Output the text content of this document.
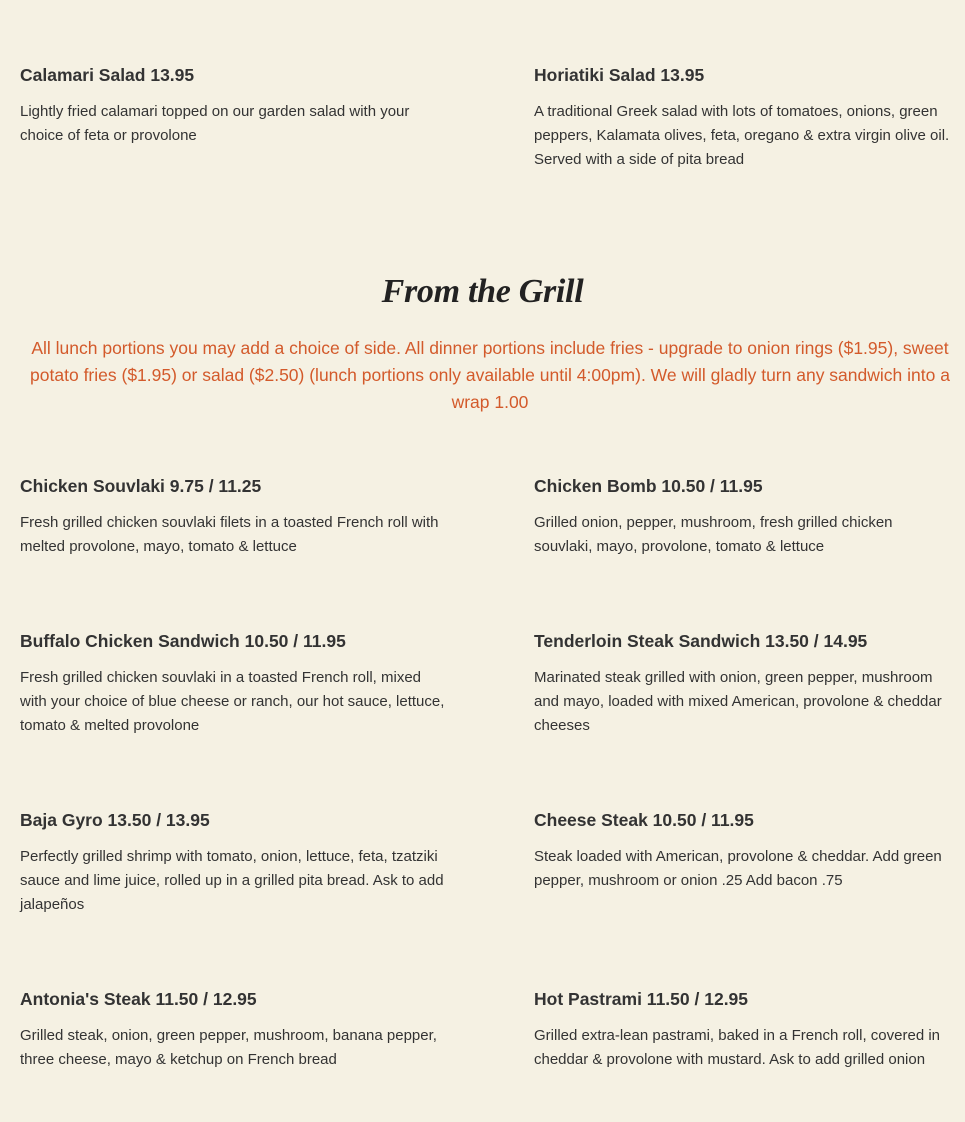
Calamari Salad 13.95

Lightly fried calamari topped on our garden salad with your choice of feta or provolone

Horiatiki Salad 13.95

A traditional Greek salad with lots of tomatoes, onions, green peppers, Kalamata olives, feta, oregano & extra virgin olive oil. Served with a side of pita bread

From the Grill

All lunch portions you may add a choice of side. All dinner portions include fries - upgrade to onion rings ($1.95), sweet potato fries ($1.95) or salad ($2.50) (lunch portions only available until 4:00pm). We will gladly turn any sandwich into a wrap 1.00

Chicken Souvlaki 9.75 / 11.25

Fresh grilled chicken souvlaki filets in a toasted French roll with melted provolone, mayo, tomato & lettuce

Chicken Bomb 10.50 / 11.95

Grilled onion, pepper, mushroom, fresh grilled chicken souvlaki, mayo, provolone, tomato & lettuce

Buffalo Chicken Sandwich 10.50 / 11.95

Fresh grilled chicken souvlaki in a toasted French roll, mixed with your choice of blue cheese or ranch, our hot sauce, lettuce, tomato & melted provolone

Tenderloin Steak Sandwich 13.50 / 14.95

Marinated steak grilled with onion, green pepper, mushroom and mayo, loaded with mixed American, provolone & cheddar cheeses

Baja Gyro 13.50 / 13.95

Perfectly grilled shrimp with tomato, onion, lettuce, feta, tzatziki sauce and lime juice, rolled up in a grilled pita bread. Ask to add jalapeños

Cheese Steak 10.50 / 11.95

Steak loaded with American, provolone & cheddar. Add green pepper, mushroom or onion .25 Add bacon .75

Antonia's Steak 11.50 / 12.95

Grilled steak, onion, green pepper, mushroom, banana pepper, three cheese, mayo & ketchup on French bread

Hot Pastrami 11.50 / 12.95

Grilled extra-lean pastrami, baked in a French roll, covered in cheddar & provolone with mustard. Ask to add grilled onion
